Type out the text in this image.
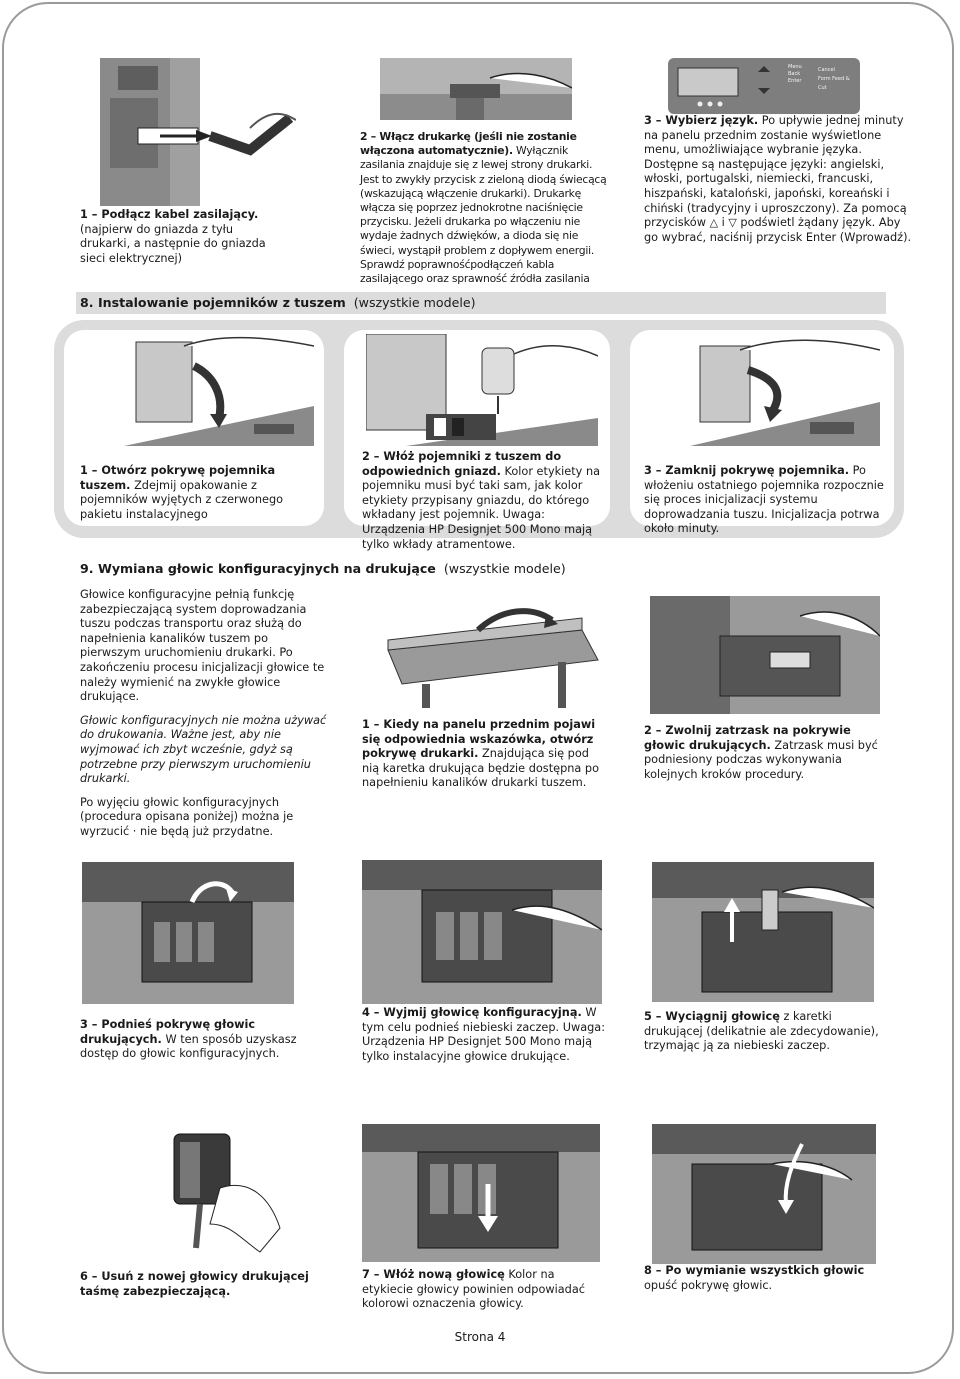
1 – Podłącz kabel zasilający. (najpierw do gniazda z tyłu drukarki, a następnie do gniazda sieci elektrycznej)
2 – Włącz drukarkę (jeśli nie zostanie włączona automatycznie). Wyłącznik zasilania znajduje się z lewej strony drukarki. Jest to zwykły przycisk z zieloną diodą świecącą (wskazującą włączenie drukarki). Drukarkę włącza się poprzez jednokrotne naciśnięcie przycisku. Jeżeli drukarka po włączeniu nie wydaje żadnych dźwięków, a dioda się nie świeci, wystąpił problem z dopływem energii. Sprawdź poprawnośćpodłączeń kabla zasilającego oraz sprawność źródła zasilania
Menu
Back
Enter
Cancel
Form Feed & Cut
3 – Wybierz język. Po upływie jednej minuty na panelu przednim zostanie wyświetlone menu, umożliwiające wybranie języka. Dostępne są następujące języki: angielski, włoski, portugalski, niemiecki, francuski, hiszpański, kataloński, japoński, koreański i chiński (tradycyjny i uproszczony). Za pomocą przycisków △ i ▽ podświetl żądany język. Aby go wybrać, naciśnij przycisk Enter (Wprowadź).
8. Instalowanie pojemników z tuszem (wszystkie modele)
1 – Otwórz pokrywę pojemnika tuszem. Zdejmij opakowanie z pojemników wyjętych z czerwonego pakietu instalacyjnego
2 – Włóż pojemniki z tuszem do odpowiednich gniazd. Kolor etykiety na pojemniku musi być taki sam, jak kolor etykiety przypisany gniazdu, do którego wkładany jest pojemnik. Uwaga: Urządzenia HP Designjet 500 Mono mają tylko wkłady atramentowe.
3 – Zamknij pokrywę pojemnika. Po włożeniu ostatniego pojemnika rozpocznie się proces inicjalizacji systemu doprowadzania tuszu. Inicjalizacja potrwa około minuty.
9. Wymiana głowic konfiguracyjnych na drukujące (wszystkie modele)

Głowice konfiguracyjne pełnią funkcję zabezpieczającą system doprowadzania tuszu podczas transportu oraz służą do napełnienia kanalików tuszem po pierwszym uruchomieniu drukarki. Po zakończeniu procesu inicjalizacji głowice te należy wymienić na zwykłe głowice drukujące.

Głowic konfiguracyjnych nie można używać do drukowania. Ważne jest, aby nie wyjmować ich zbyt wcześnie, gdyż są potrzebne przy pierwszym uruchomieniu drukarki.

Po wyjęciu głowic konfiguracyjnych (procedura opisana poniżej) można je wyrzucić · nie będą już przydatne.

1 – Kiedy na panelu przednim pojawi się odpowiednia wskazówka, otwórz pokrywę drukarki. Znajdująca się pod nią karetka drukująca będzie dostępna po napełnieniu kanalików drukarki tuszem.
2 – Zwolnij zatrzask na pokrywie głowic drukujących. Zatrzask musi być podniesiony podczas wykonywania kolejnych kroków procedury.
3 – Podnieś pokrywę głowic drukujących. W ten sposób uzyskasz dostęp do głowic konfiguracyjnych.
4 – Wyjmij głowicę konfiguracyjną. W tym celu podnieś niebieski zaczep. Uwaga: Urządzenia HP Designjet 500 Mono mają tylko instalacyjne głowice drukujące.
5 – Wyciągnij głowicę z karetki drukującej (delikatnie ale zdecydowanie), trzymając ją za niebieski zaczep.
6 – Usuń z nowej głowicy drukującej taśmę zabezpieczającą.
7 – Włóż nową głowicę Kolor na etykiecie głowicy powinien odpowiadać kolorowi oznaczenia głowicy.
8 – Po wymianie wszystkich głowic opuść pokrywę głowic.
Strona 4
